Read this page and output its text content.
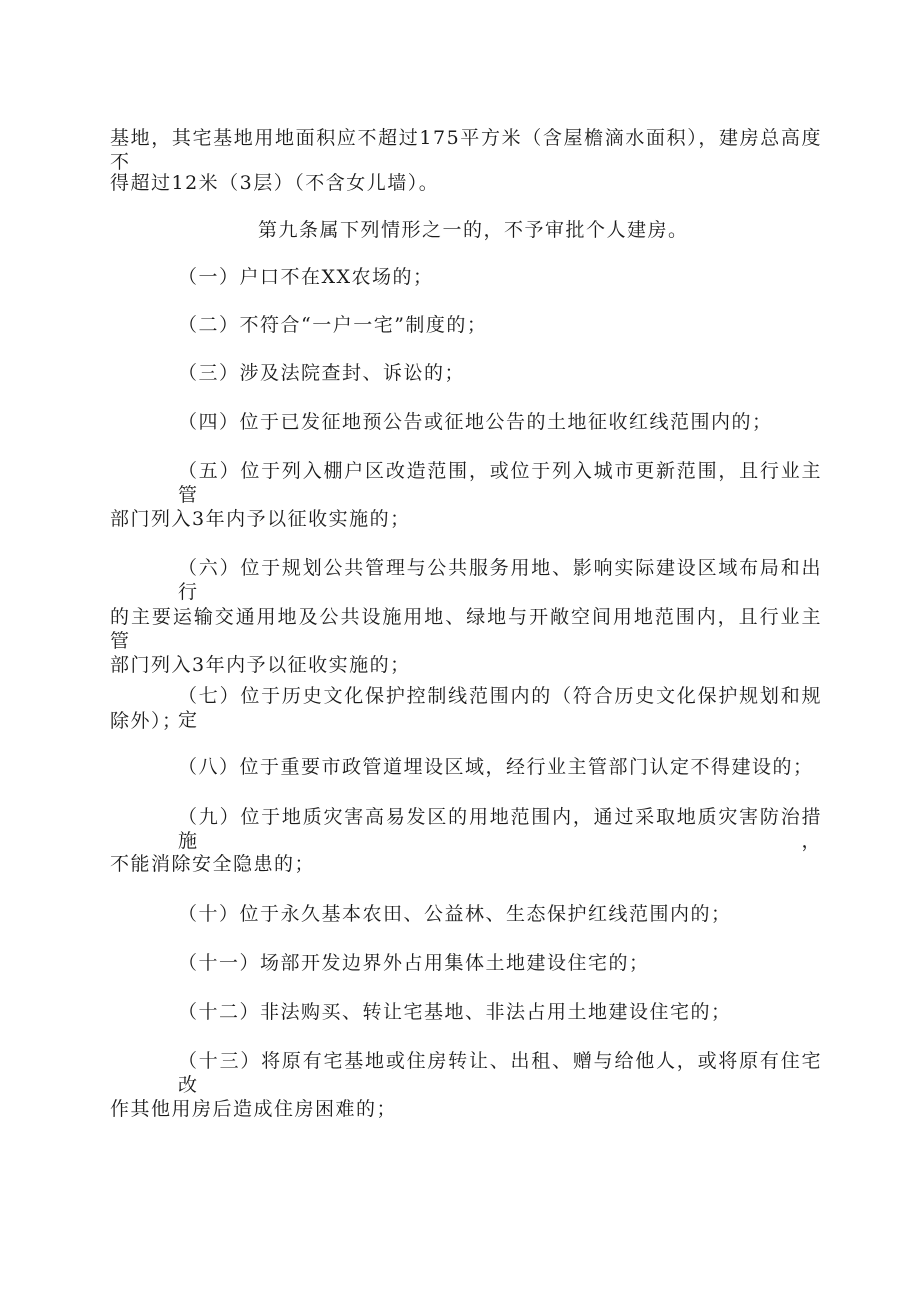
基地，其宅基地用地面积应不超过175平方米（含屋檐滴水面积），建房总高度不
得超过12米（3层）（不含女儿墙）。
第九条属下列情形之一的，不予审批个人建房。
（一）户口不在XX农场的；
（二）不符合“一户一宅”制度的；
（三）涉及法院查封、诉讼的；
（四）位于已发征地预公告或征地公告的土地征收红线范围内的；
（五）位于列入棚户区改造范围，或位于列入城市更新范围，且行业主管
部门列入3年内予以征收实施的；
（六）位于规划公共管理与公共服务用地、影响实际建设区域布局和出行
的主要运输交通用地及公共设施用地、绿地与开敞空间用地范围内，且行业主管
部门列入3年内予以征收实施的；
（七）位于历史文化保护控制线范围内的（符合历史文化保护规划和规定
除外）；
（八）位于重要市政管道埋设区域，经行业主管部门认定不得建设的；
（九）位于地质灾害高易发区的用地范围内，通过采取地质灾害防治措施，
不能消除安全隐患的；
（十）位于永久基本农田、公益林、生态保护红线范围内的；
（十一）场部开发边界外占用集体土地建设住宅的；
（十二）非法购买、转让宅基地、非法占用土地建设住宅的；
（十三）将原有宅基地或住房转让、出租、赠与给他人，或将原有住宅改
作其他用房后造成住房困难的；
